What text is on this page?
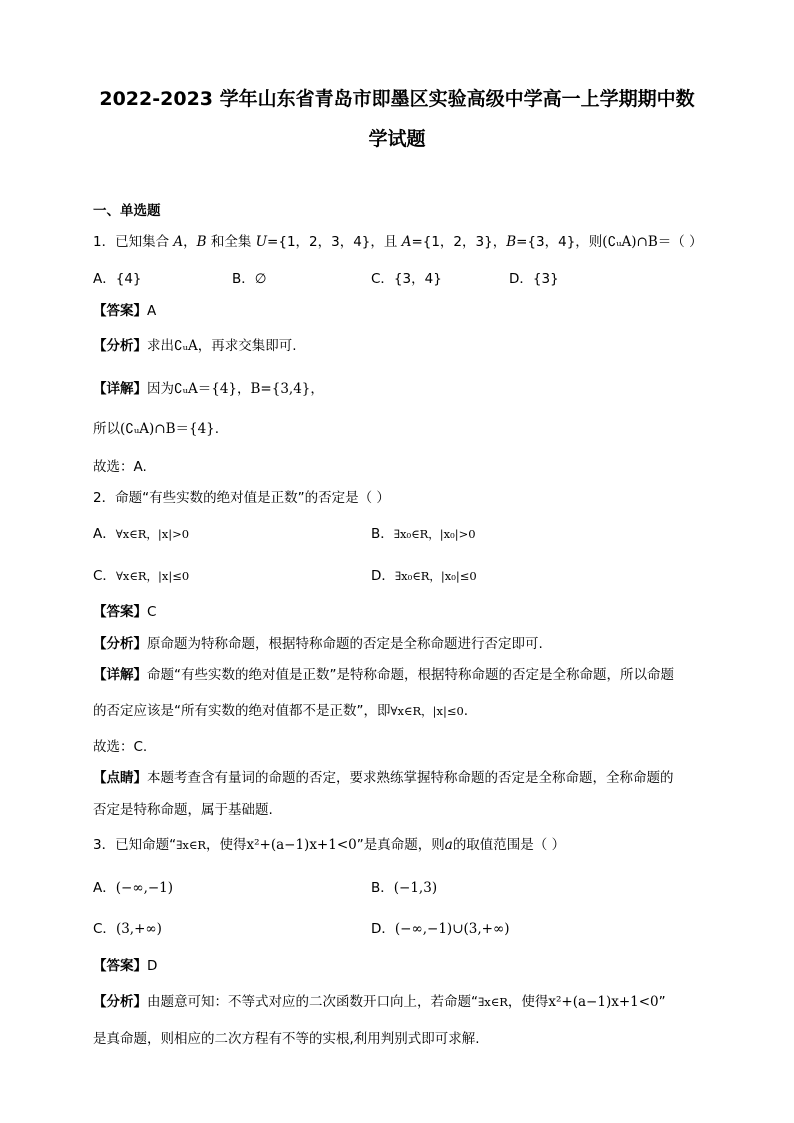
2022-2023 学年山东省青岛市即墨区实验高级中学高一上学期期中数
学试题
一、单选题
1．已知集合 A，B 和全集 U={1，2，3，4}，且 A={1，2，3}，B={3，4}，则(∁ᵤA)∩B＝（ ）
A．{4}	B．∅	C．{3，4}	D．{3}
【答案】A
【分析】求出∁ᵤA，再求交集即可.
【详解】因为∁ᵤA＝{4}，B={3,4}，
所以(∁ᵤA)∩B＝{4}.
故选：A.
2．命题“有些实数的绝对值是正数”的否定是（ ）
A．∀x∈R，|x|>0	B．∃x₀∈R，|x₀|>0
C．∀x∈R，|x|≤0	D．∃x₀∈R，|x₀|≤0
【答案】C
【分析】原命题为特称命题，根据特称命题的否定是全称命题进行否定即可.
【详解】命题“有些实数的绝对值是正数”是特称命题，根据特称命题的否定是全称命题，所以命题
的否定应该是“所有实数的绝对值都不是正数”，即∀x∈R，|x|≤0.
故选：C.
【点睛】本题考查含有量词的命题的否定，要求熟练掌握特称命题的否定是全称命题，全称命题的
否定是特称命题，属于基础题.
3．已知命题“∃x∈R，使得x²+(a−1)x+1<0”是真命题，则a的取值范围是（ ）
A．(−∞,−1)	B．(−1,3)
C．(3,+∞)	D．(−∞,−1)∪(3,+∞)
【答案】D
【分析】由题意可知：不等式对应的二次函数开口向上，若命题“∃x∈R，使得x²+(a−1)x+1<0”
是真命题，则相应的二次方程有不等的实根,利用判别式即可求解.
